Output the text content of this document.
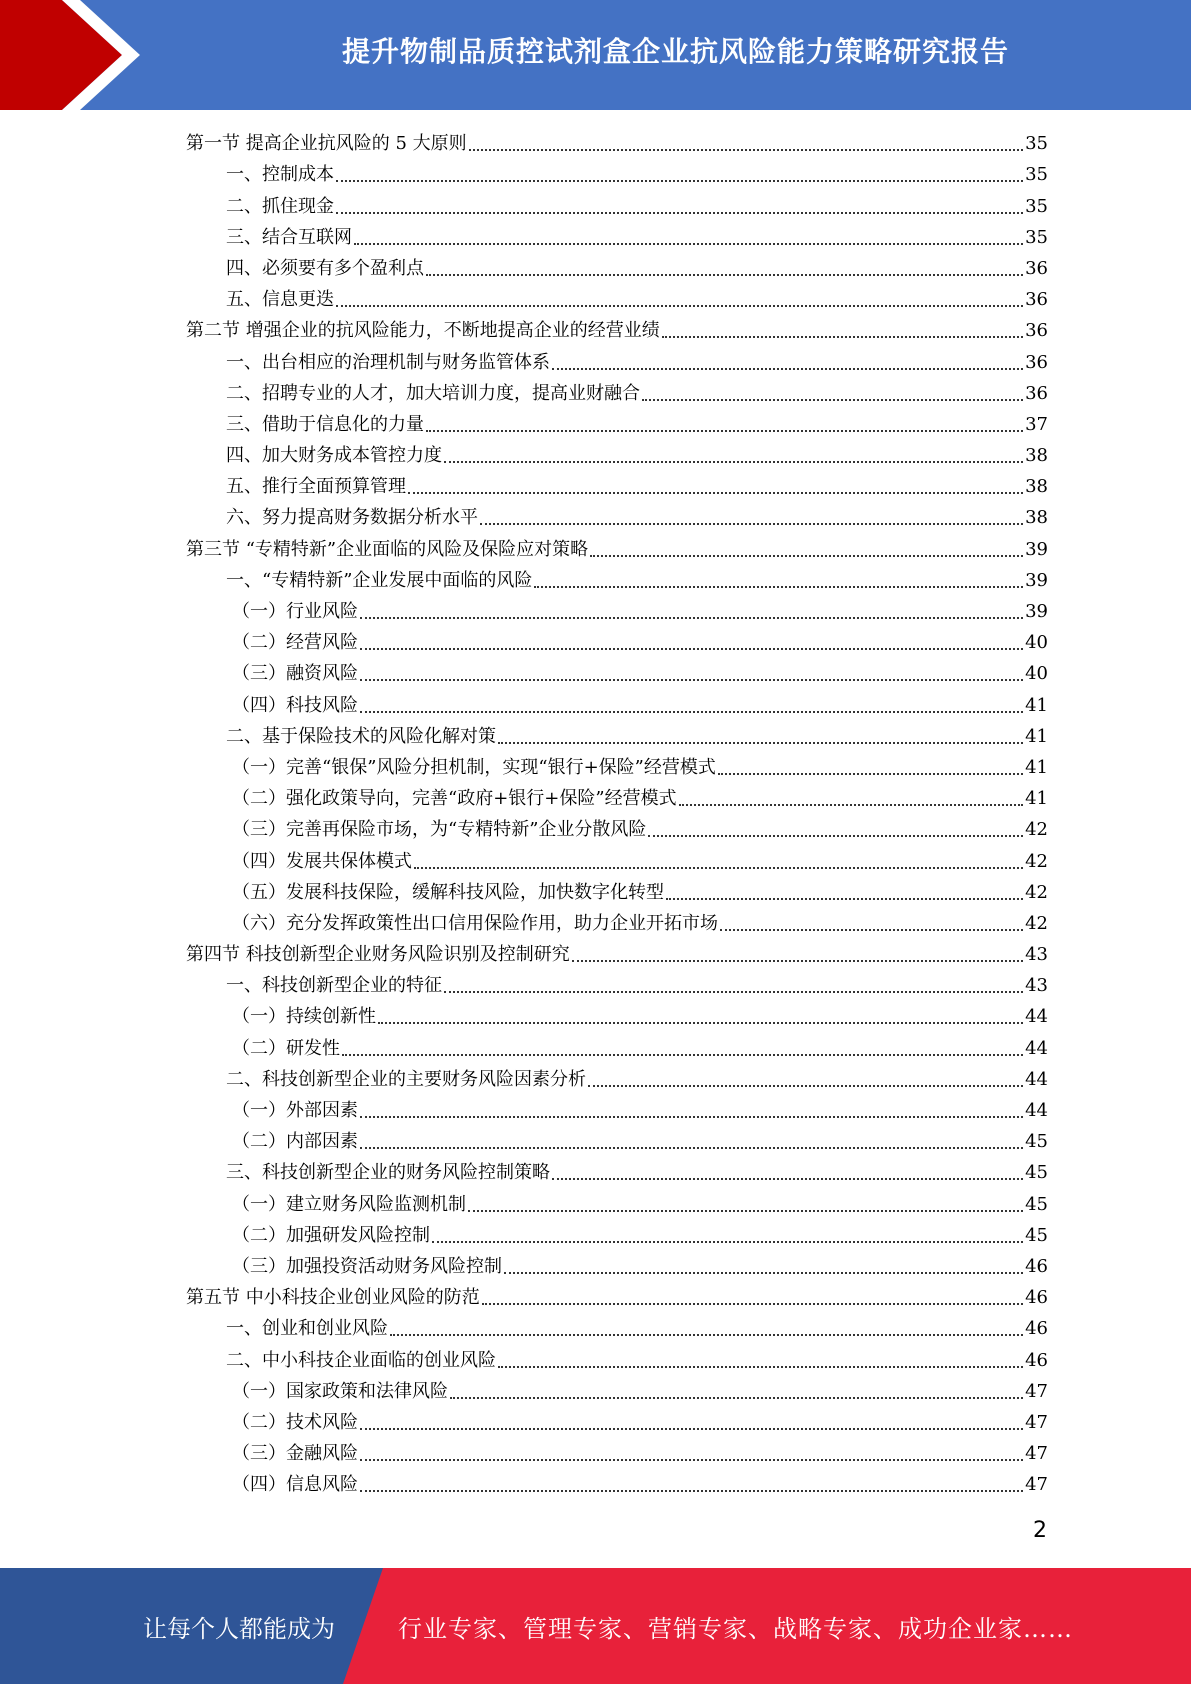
提升物制品质控试剂盒企业抗风险能力策略研究报告
第一节 提高企业抗风险的 5 大原则	35
一、控制成本	35
二、抓住现金	35
三、结合互联网	35
四、必须要有多个盈利点	36
五、信息更迭	36
第二节 增强企业的抗风险能力，不断地提高企业的经营业绩	36
一、出台相应的治理机制与财务监管体系	36
二、招聘专业的人才，加大培训力度，提高业财融合	36
三、借助于信息化的力量	37
四、加大财务成本管控力度	38
五、推行全面预算管理	38
六、努力提高财务数据分析水平	38
第三节 “专精特新”企业面临的风险及保险应对策略	39
一、“专精特新”企业发展中面临的风险	39
（一）行业风险	39
（二）经营风险	40
（三）融资风险	40
（四）科技风险	41
二、基于保险技术的风险化解对策	41
（一）完善“银保”风险分担机制，实现“银行+保险”经营模式	41
（二）强化政策导向，完善“政府+银行+保险”经营模式	41
（三）完善再保险市场，为“专精特新”企业分散风险	42
（四）发展共保体模式	42
（五）发展科技保险，缓解科技风险，加快数字化转型	42
（六）充分发挥政策性出口信用保险作用，助力企业开拓市场	42
第四节 科技创新型企业财务风险识别及控制研究	43
一、科技创新型企业的特征	43
（一）持续创新性	44
（二）研发性	44
二、科技创新型企业的主要财务风险因素分析	44
（一）外部因素	44
（二）内部因素	45
三、科技创新型企业的财务风险控制策略	45
（一）建立财务风险监测机制	45
（二）加强研发风险控制	45
（三）加强投资活动财务风险控制	46
第五节 中小科技企业创业风险的防范	46
一、创业和创业风险	46
二、中小科技企业面临的创业风险	46
（一）国家政策和法律风险	47
（二）技术风险	47
（三）金融风险	47
（四）信息风险	47
2
让每个人都能成为	行业专家、管理专家、营销专家、战略专家、成功企业家……
